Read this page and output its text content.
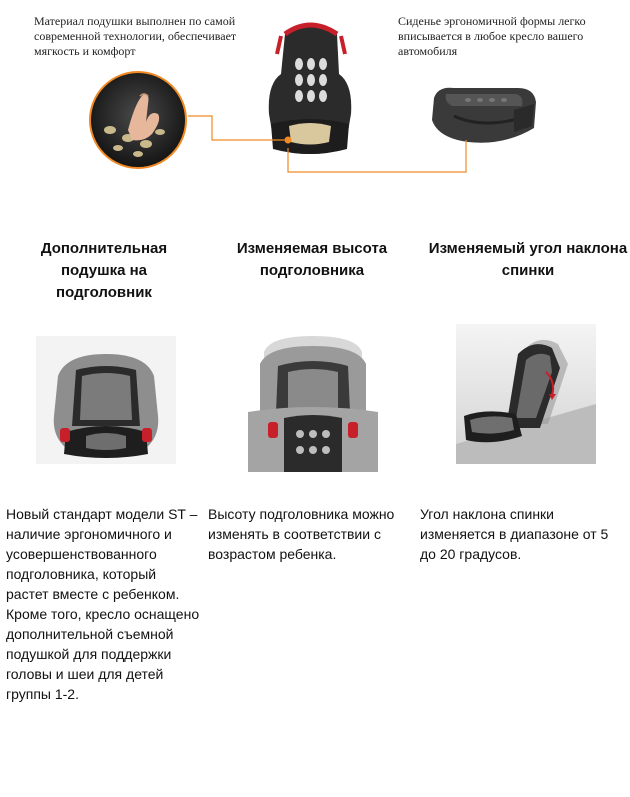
Материал подушки выполнен по самой современной технологии, обеспечивает мягкость и комфорт
Сиденье эргономичной формы легко вписывается в любое кресло вашего автомобиля
Дополнительная подушка на подголовник
Изменяемая высота подголовника
Изменяемый угол наклона спинки
Новый стандарт модели ST – наличие эргономичного и усовершенствованного подголовника, который растет вместе с ребенком. Кроме того, кресло оснащено дополнительной съемной подушкой для поддержки головы и шеи для детей группы 1-2.
Высоту подголовника можно изменять в соответствии с возрастом ребенка.
Угол наклона спинки изменяется в диапазоне от 5 до 20 градусов.
